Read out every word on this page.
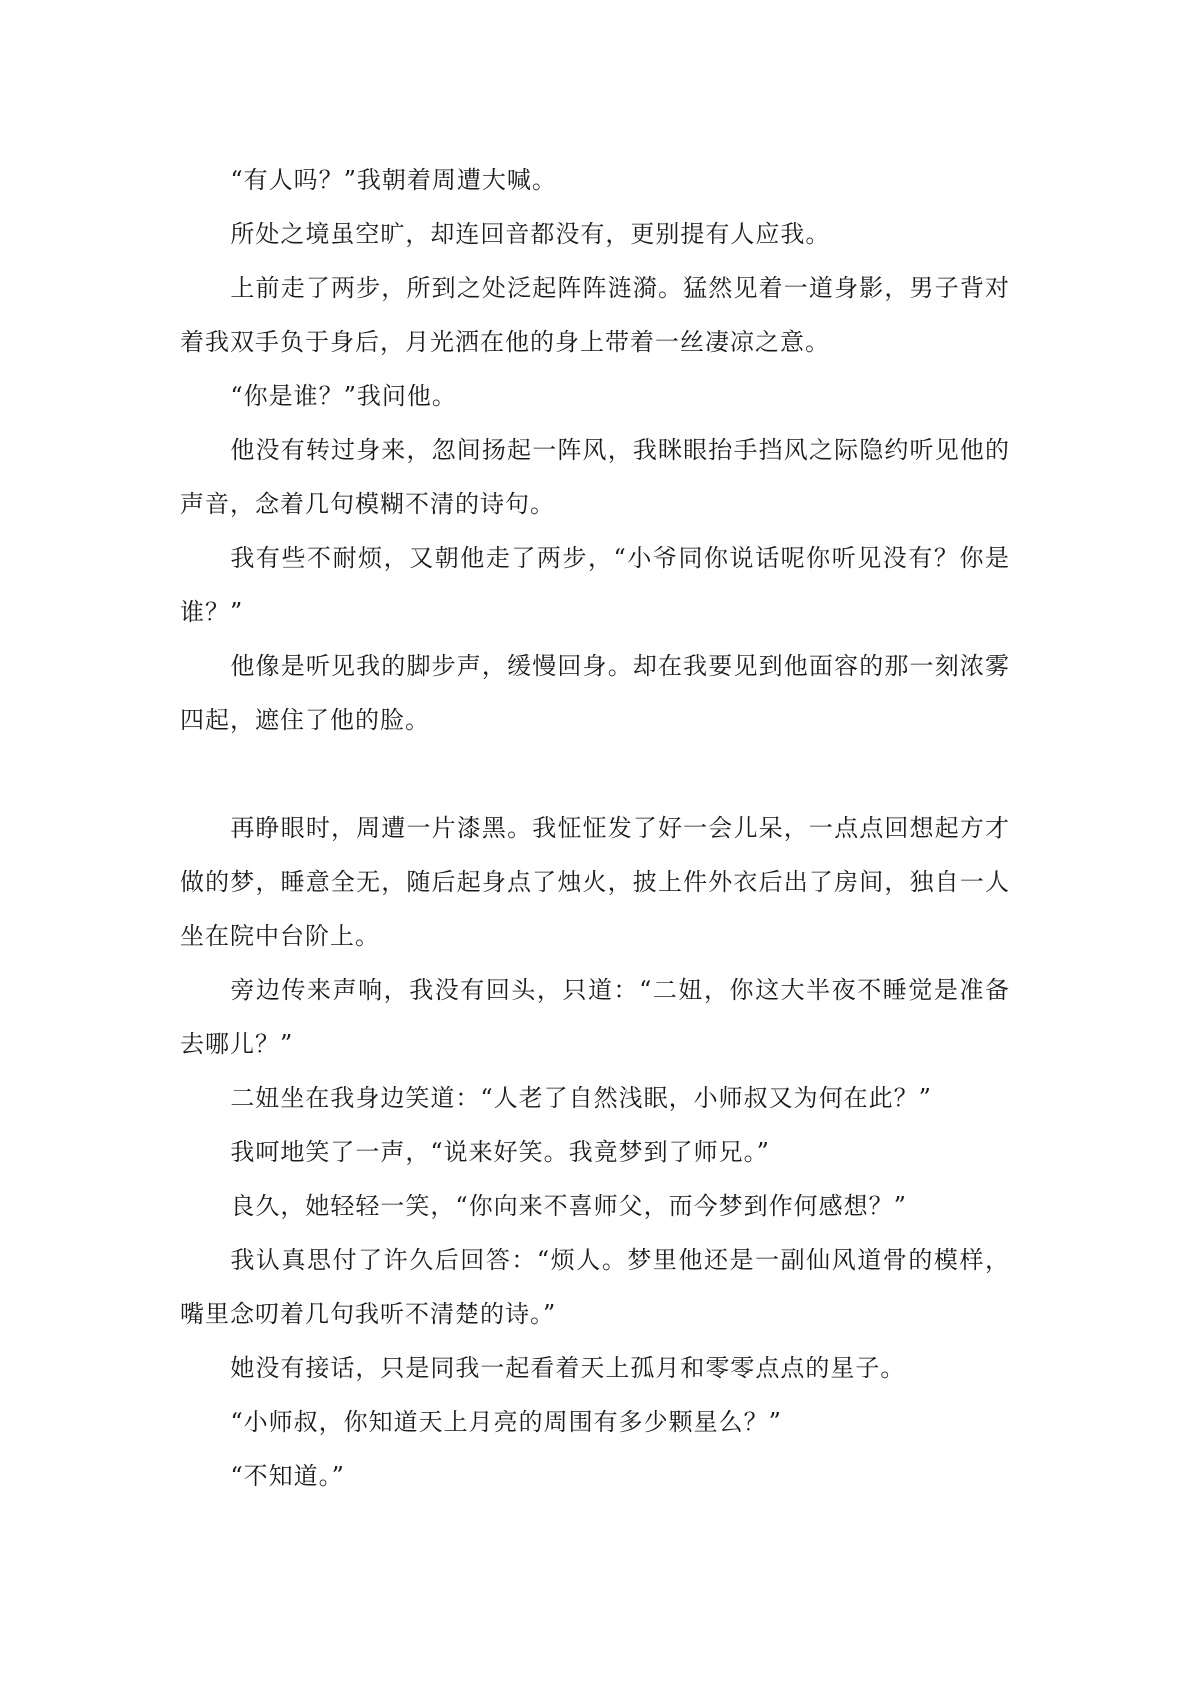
“有人吗？”我朝着周遭大喊。

所处之境虽空旷，却连回音都没有，更别提有人应我。

上前走了两步，所到之处泛起阵阵涟漪。猛然见着一道身影，男子背对着我双手负于身后，月光洒在他的身上带着一丝凄凉之意。

“你是谁？”我问他。

他没有转过身来，忽间扬起一阵风，我眯眼抬手挡风之际隐约听见他的声音，念着几句模糊不清的诗句。

我有些不耐烦，又朝他走了两步，“小爷同你说话呢你听见没有？你是谁？”

他像是听见我的脚步声，缓慢回身。却在我要见到他面容的那一刻浓雾四起，遮住了他的脸。

再睁眼时，周遭一片漆黑。我怔怔发了好一会儿呆，一点点回想起方才做的梦，睡意全无，随后起身点了烛火，披上件外衣后出了房间，独自一人坐在院中台阶上。

旁边传来声响，我没有回头，只道：“二妞，你这大半夜不睡觉是准备去哪儿？”

二妞坐在我身边笑道：“人老了自然浅眠，小师叔又为何在此？”

我呵地笑了一声，“说来好笑。我竟梦到了师兄。”

良久，她轻轻一笑，“你向来不喜师父，而今梦到作何感想？”

我认真思付了许久后回答：“烦人。梦里他还是一副仙风道骨的模样，嘴里念叨着几句我听不清楚的诗。”

她没有接话，只是同我一起看着天上孤月和零零点点的星子。

“小师叔，你知道天上月亮的周围有多少颗星么？”

“不知道。”
